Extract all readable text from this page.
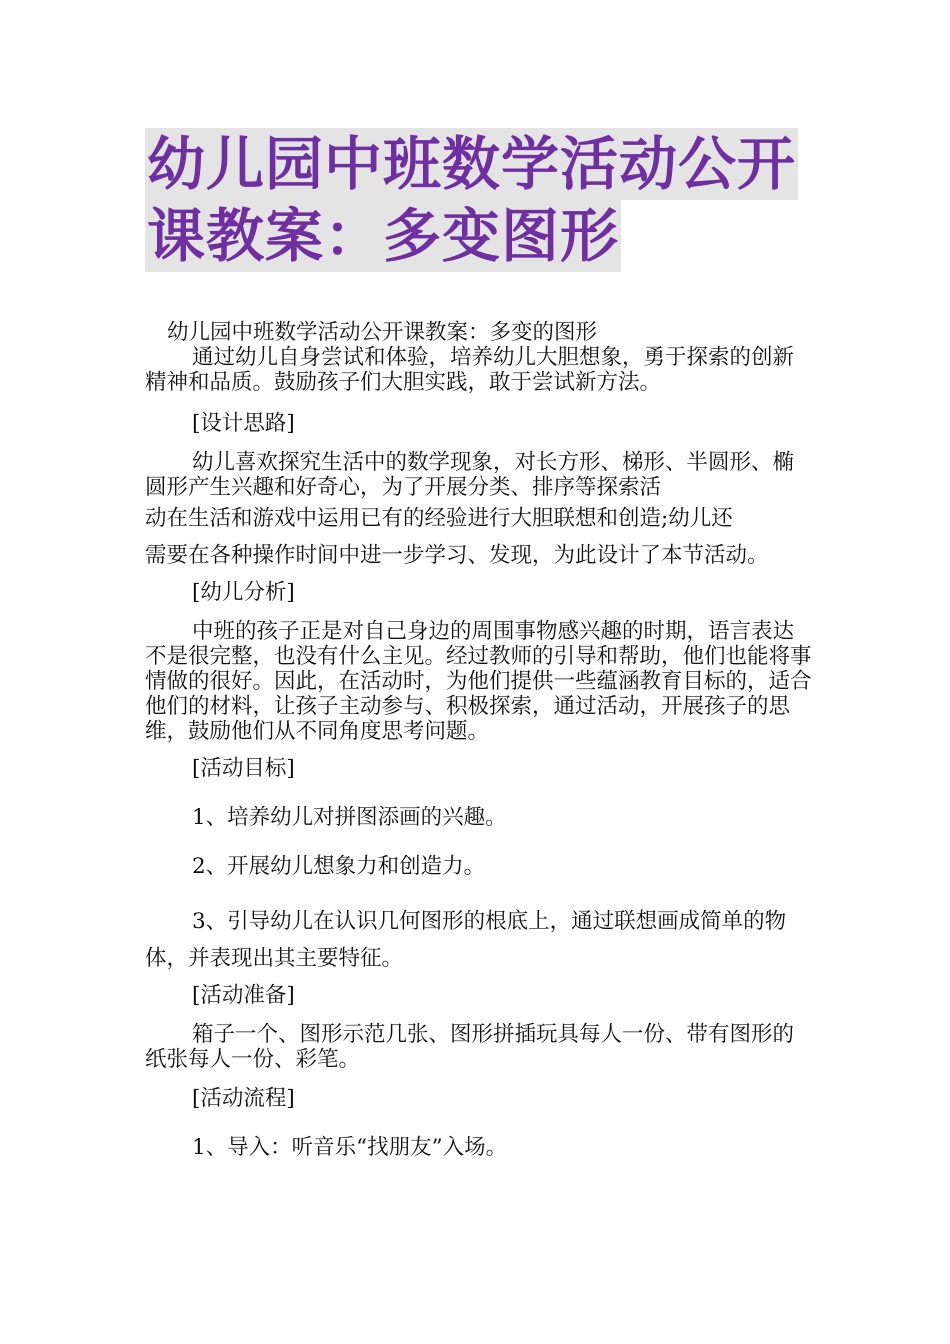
幼儿园中班数学活动公开
课教案：多变图形

幼儿园中班数学活动公开课教案：多变的图形

通过幼儿自身尝试和体验，培养幼儿大胆想象，勇于探索的创新精神和品质。鼓励孩子们大胆实践，敢于尝试新方法。

[设计思路]

幼儿喜欢探究生活中的数学现象，对长方形、梯形、半圆形、椭圆形产生兴趣和好奇心，为了开展分类、排序等探索活

动在生活和游戏中运用已有的经验进行大胆联想和创造;幼儿还

需要在各种操作时间中进一步学习、发现，为此设计了本节活动。

[幼儿分析]

中班的孩子正是对自己身边的周围事物感兴趣的时期，语言表达不是很完整，也没有什么主见。经过教师的引导和帮助，他们也能将事情做的很好。因此，在活动时，为他们提供一些蕴涵教育目标的，适合他们的材料，让孩子主动参与、积极探索，通过活动，开展孩子的思维，鼓励他们从不同角度思考问题。

[活动目标]

1、培养幼儿对拼图添画的兴趣。

2、开展幼儿想象力和创造力。

3、引导幼儿在认识几何图形的根底上，通过联想画成简单的物体，并表现出其主要特征。

[活动准备]

箱子一个、图形示范几张、图形拼插玩具每人一份、带有图形的纸张每人一份、彩笔。

[活动流程]

1、导入：听音乐“找朋友”入场。
